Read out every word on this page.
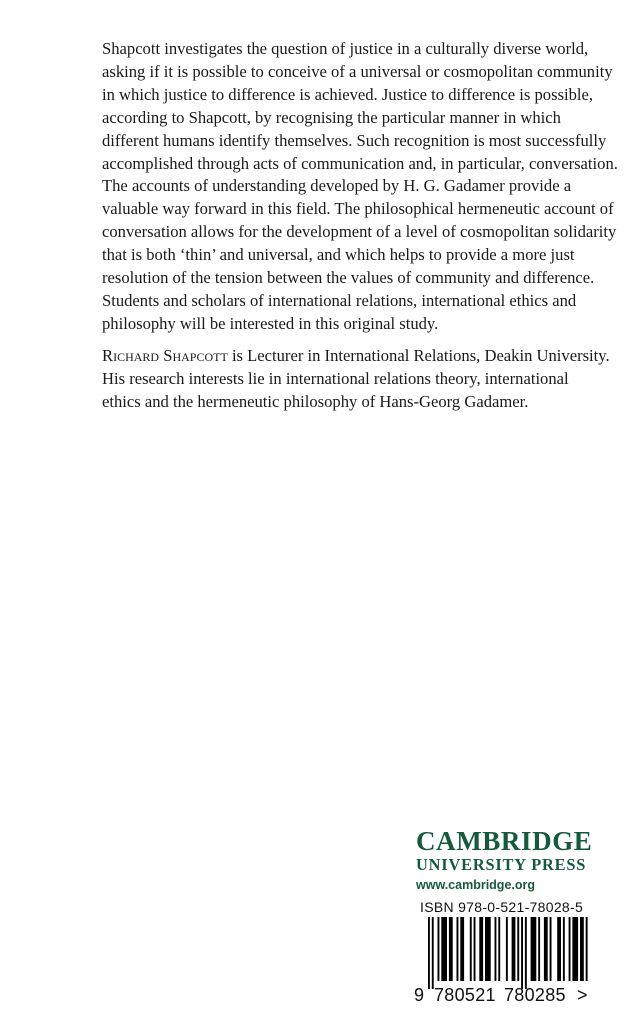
Shapcott investigates the question of justice in a culturally diverse world,
asking if it is possible to conceive of a universal or cosmopolitan community
in which justice to difference is achieved. Justice to difference is possible,
according to Shapcott, by recognising the particular manner in which
different humans identify themselves. Such recognition is most successfully
accomplished through acts of communication and, in particular, conversation.
The accounts of understanding developed by H. G. Gadamer provide a
valuable way forward in this field. The philosophical hermeneutic account of
conversation allows for the development of a level of cosmopolitan solidarity
that is both ‘thin’ and universal, and which helps to provide a more just
resolution of the tension between the values of community and difference.
Students and scholars of international relations, international ethics and
philosophy will be interested in this original study.
Richard Shapcott is Lecturer in International Relations, Deakin University.
His research interests lie in international relations theory, international
ethics and the hermeneutic philosophy of Hans-Georg Gadamer.
CAMBRIDGE
UNIVERSITY PRESS
www.cambridge.org
ISBN 978-0-521-78028-5
9 780521 780285 >
